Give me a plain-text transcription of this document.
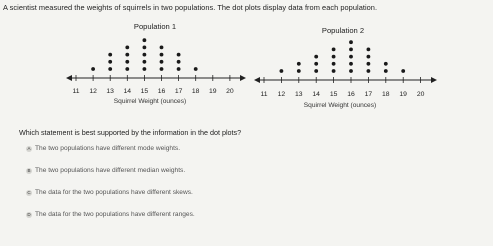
A scientist measured the weights of squirrels in two populations. The dot plots display data from each population.
Population 1
11 12 13 14 15 16 17 18 19 20
Squirrel Weight (ounces)
Population 2
11 12 13 14 15 16 17 18 19 20
Squirrel Weight (ounces)
Which statement is best supported by the information in the dot plots?
A The two populations have different mode weights.
B The two populations have different median weights.
C The data for the two populations have different skews.
D The data for the two populations have different ranges.
